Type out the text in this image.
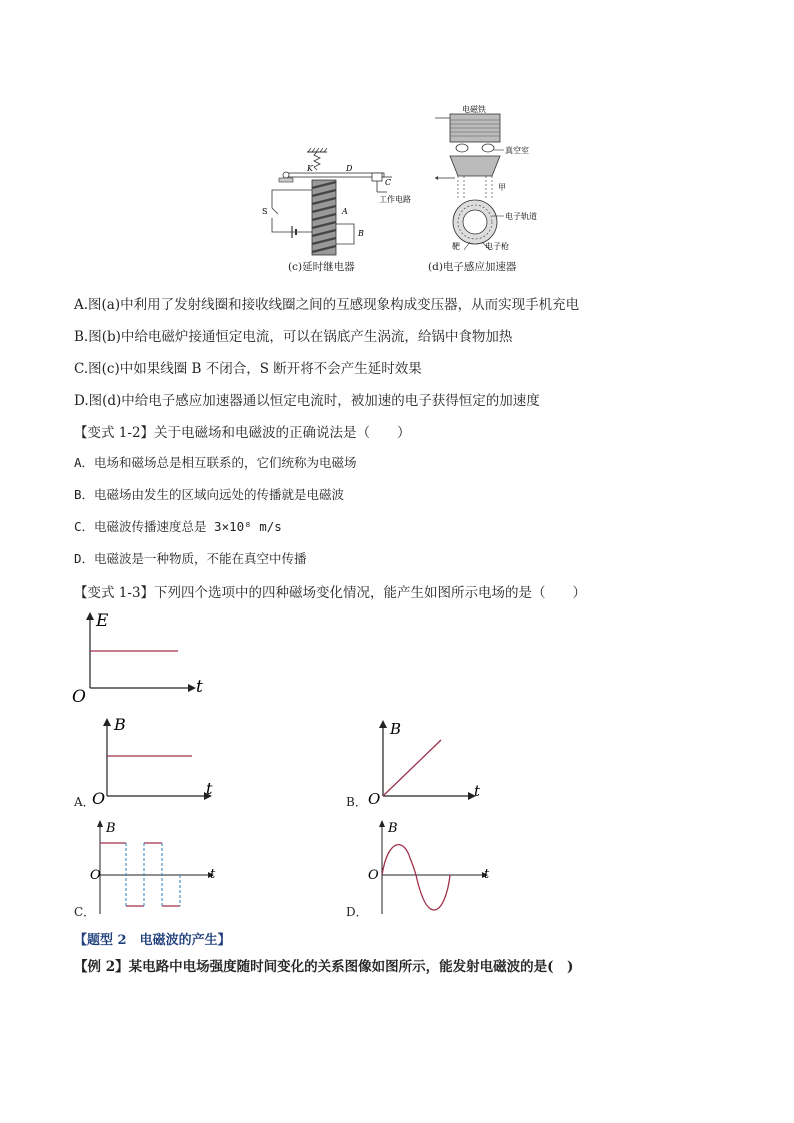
K	D
C
工作电路
S	A
B
(c)延时继电器
电磁铁
真空室
甲
电子轨道
靶	电子枪
(d)电子感应加速器
A.图(a)中利用了发射线圈和接收线圈之间的互感现象构成变压器，从而实现手机充电
B.图(b)中给电磁炉接通恒定电流，可以在锅底产生涡流，给锅中食物加热
C.图(c)中如果线圈 B 不闭合，S 断开将不会产生延时效果
D.图(d)中给电子感应加速器通以恒定电流时，被加速的电子获得恒定的加速度
【变式 1-2】关于电磁场和电磁波的正确说法是（　　）
A．电场和磁场总是相互联系的，它们统称为电磁场
B．电磁场由发生的区域向远处的传播就是电磁波
C．电磁波传播速度总是 3×10⁸ m/s
D．电磁波是一种物质，不能在真空中传播
【变式 1-3】下列四个选项中的四种磁场变化情况，能产生如图所示电场的是（　　）
E
t
O
A．
B
t
O	B．
B
t
O
C．
B
t
O
D．
B
t
O
【题型 2　电磁波的产生】
【例 2】某电路中电场强度随时间变化的关系图像如图所示，能发射电磁波的是(　)
